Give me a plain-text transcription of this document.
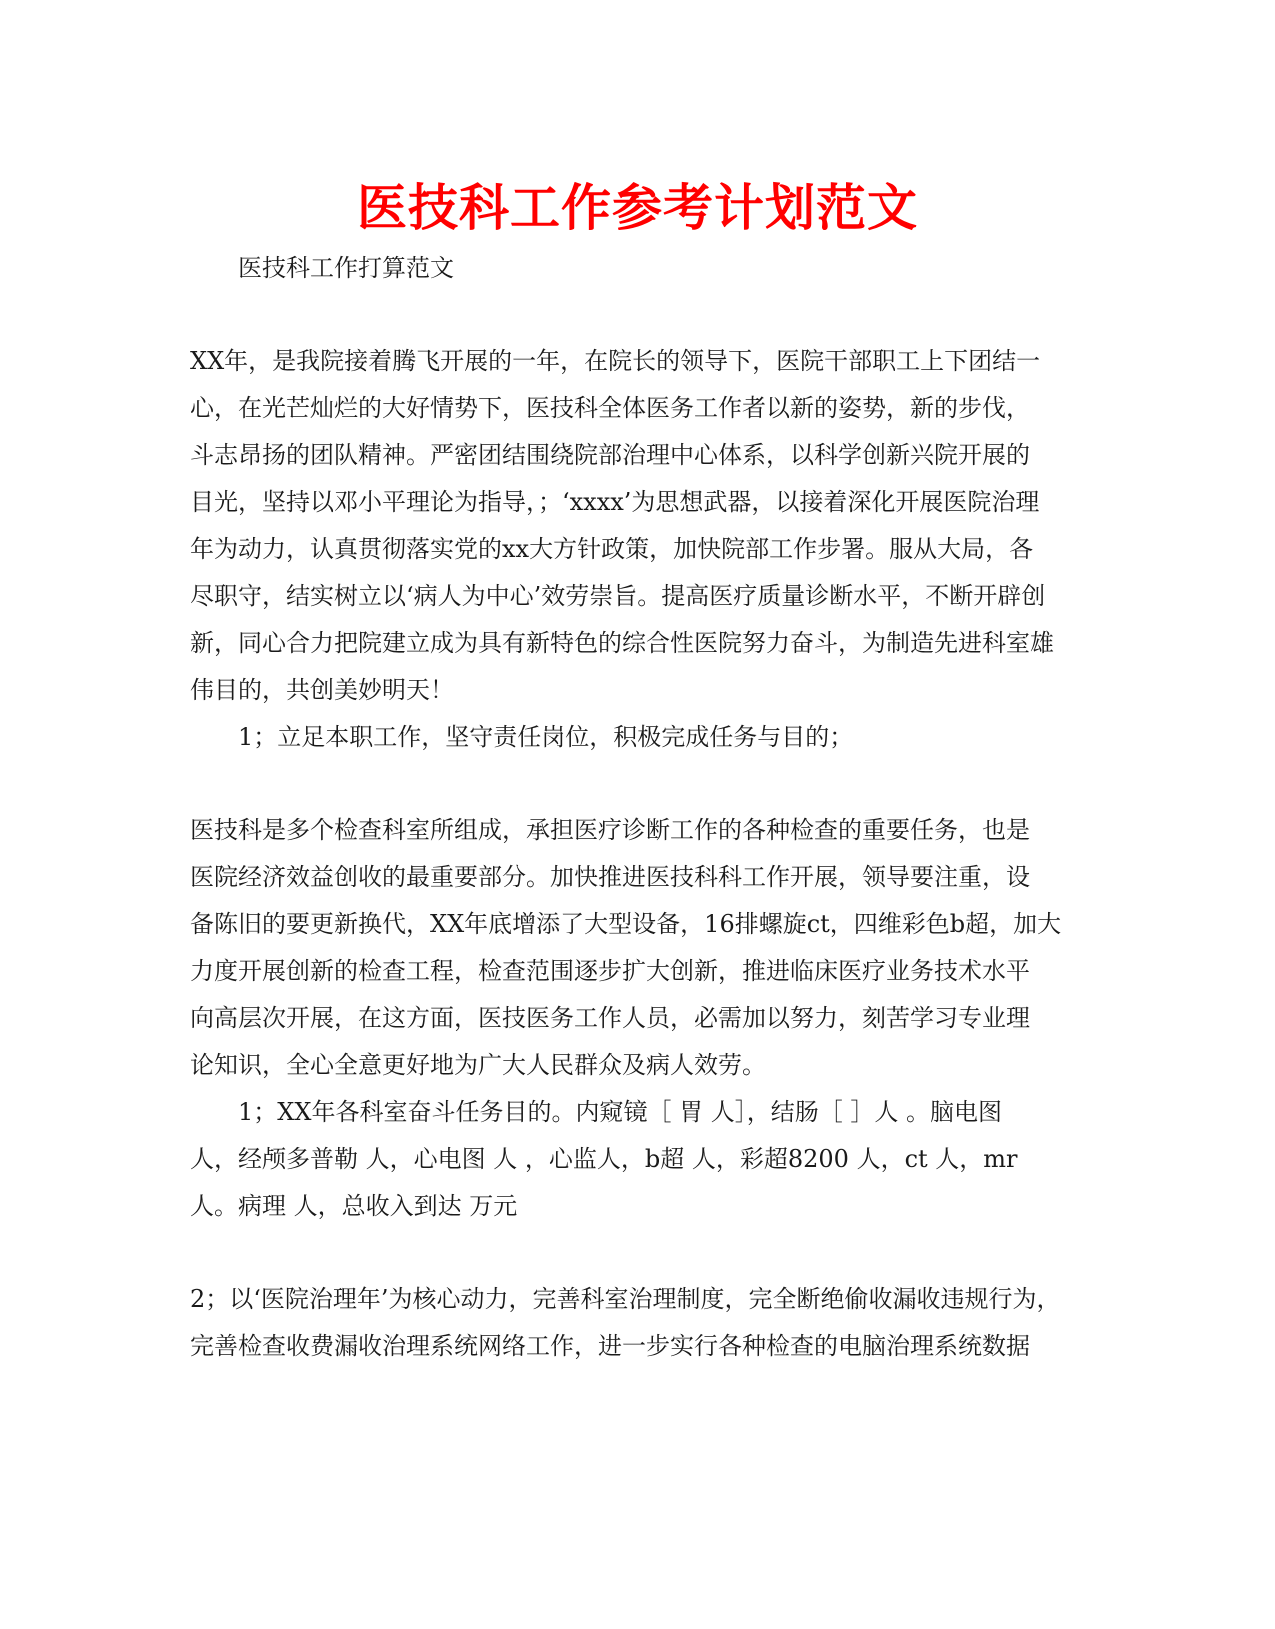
医技科工作参考计划范文
医技科工作打算范文
XX年，是我院接着腾飞开展的一年，在院长的领导下，医院干部职工上下团结一
心，在光芒灿烂的大好情势下，医技科全体医务工作者以新的姿势，新的步伐，
斗志昂扬的团队精神。严密团结围绕院部治理中心体系，以科学创新兴院开展的
目光，坚持以邓小平理论为指导，；‘xxxx’为思想武器，以接着深化开展医院治理
年为动力，认真贯彻落实党的xx大方针政策，加快院部工作步署。服从大局，各
尽职守，结实树立以‘病人为中心’效劳崇旨。提高医疗质量诊断水平，不断开辟创
新，同心合力把院建立成为具有新特色的综合性医院努力奋斗，为制造先进科室雄
伟目的，共创美妙明天！
1；立足本职工作，坚守责任岗位，积极完成任务与目的；
医技科是多个检查科室所组成，承担医疗诊断工作的各种检查的重要任务，也是
医院经济效益创收的最重要部分。加快推进医技科科工作开展，领导要注重，设
备陈旧的要更新换代，XX年底增添了大型设备，16排螺旋ct，四维彩色b超，加大
力度开展创新的检查工程，检查范围逐步扩大创新，推进临床医疗业务技术水平
向高层次开展，在这方面，医技医务工作人员，必需加以努力，刻苦学习专业理
论知识，全心全意更好地为广大人民群众及病人效劳。
1；XX年各科室奋斗任务目的。内窥镜［ 胃 人］，结肠［ ］人 。脑电图
人，经颅多普勒 人，心电图 人 ，心监人，b超 人，彩超8200 人，ct 人，mr
人。病理 人，总收入到达 万元
2；以‘医院治理年’为核心动力，完善科室治理制度，完全断绝偷收漏收违规行为，
完善检查收费漏收治理系统网络工作，进一步实行各种检查的电脑治理系统数据
